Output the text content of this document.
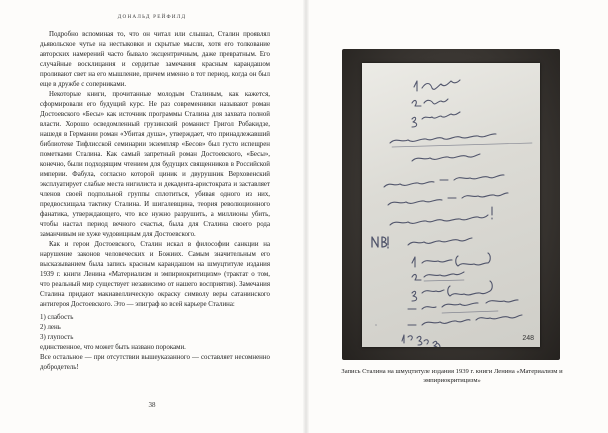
ДОНАЛЬД РЕЙФИЛД

Подробно вспоминая то, что он читал или слышал, Сталин проявлял дьявольское чутье на нестыковки и скрытые мысли, хотя его толкование авторских намерений часто бывало эксцентричным, даже превратным. Его случайные восклицания и сердитые замечания красным карандашом проливают свет на его мышление, причем именно в тот период, когда он был еще в дружбе с соперниками.

Некоторые книги, прочитанные молодым Сталиным, как кажется, сформировали его будущий курс. Не раз современники называют роман Достоевского «Бесы» как источник программы Сталина для захвата полной власти. Хорошо осведомленный грузинский романист Григол Робакидзе, нашедя в Германии роман «Убитая душа», утверждает, что принадлежавший библиотеке Тифлисской семинарии экземпляр «Бесов» был густо испещрен пометками Сталина. Как самый запретный роман Достоевского, «Бесы», конечно, были подходящим чтением для будущих священников в Российской империи. Фабула, согласно которой циник и двурушник Верховенский эксплуатирует слабые места нигилиста и декадента-аристократа и заставляет членов своей подпольной группы сплотиться, убивая одного из них, предвосхищала тактику Сталина. И шигалевщина, теория революционного фанатика, утверждающего, что все нужно разрушить, а миллионы убить, чтобы настал период вечного счастья, была для Сталина своего рода заманчивым не хуже чудовищным для Достоевского.

Как и герои Достоевского, Сталин искал в философии санкции на нарушение законов человеческих и Божиих. Самым значительным его высказыванием была запись красным карандашом на шмуцтитуле издания 1939 г. книги Ленина «Материализм и эмпириокритицизм» (трактат о том, что реальный мир существует независимо от нашего восприятия). Замечания Сталина придают макиавеллическую окраску символу веры сатанинского антигероя Достоевского. Это — эпиграф ко всей карьере Сталина:

1) слабость

2) лень

3) глупость

единственное, что может быть названо пороками.

Все остальное — при отсутствии вышеуказанного — составляет несомненно добродетель!

38
248
Запись Сталина на шмуцтитуле издания 1939 г. книги Ленина «Материализм и эмпириокритицизм»
